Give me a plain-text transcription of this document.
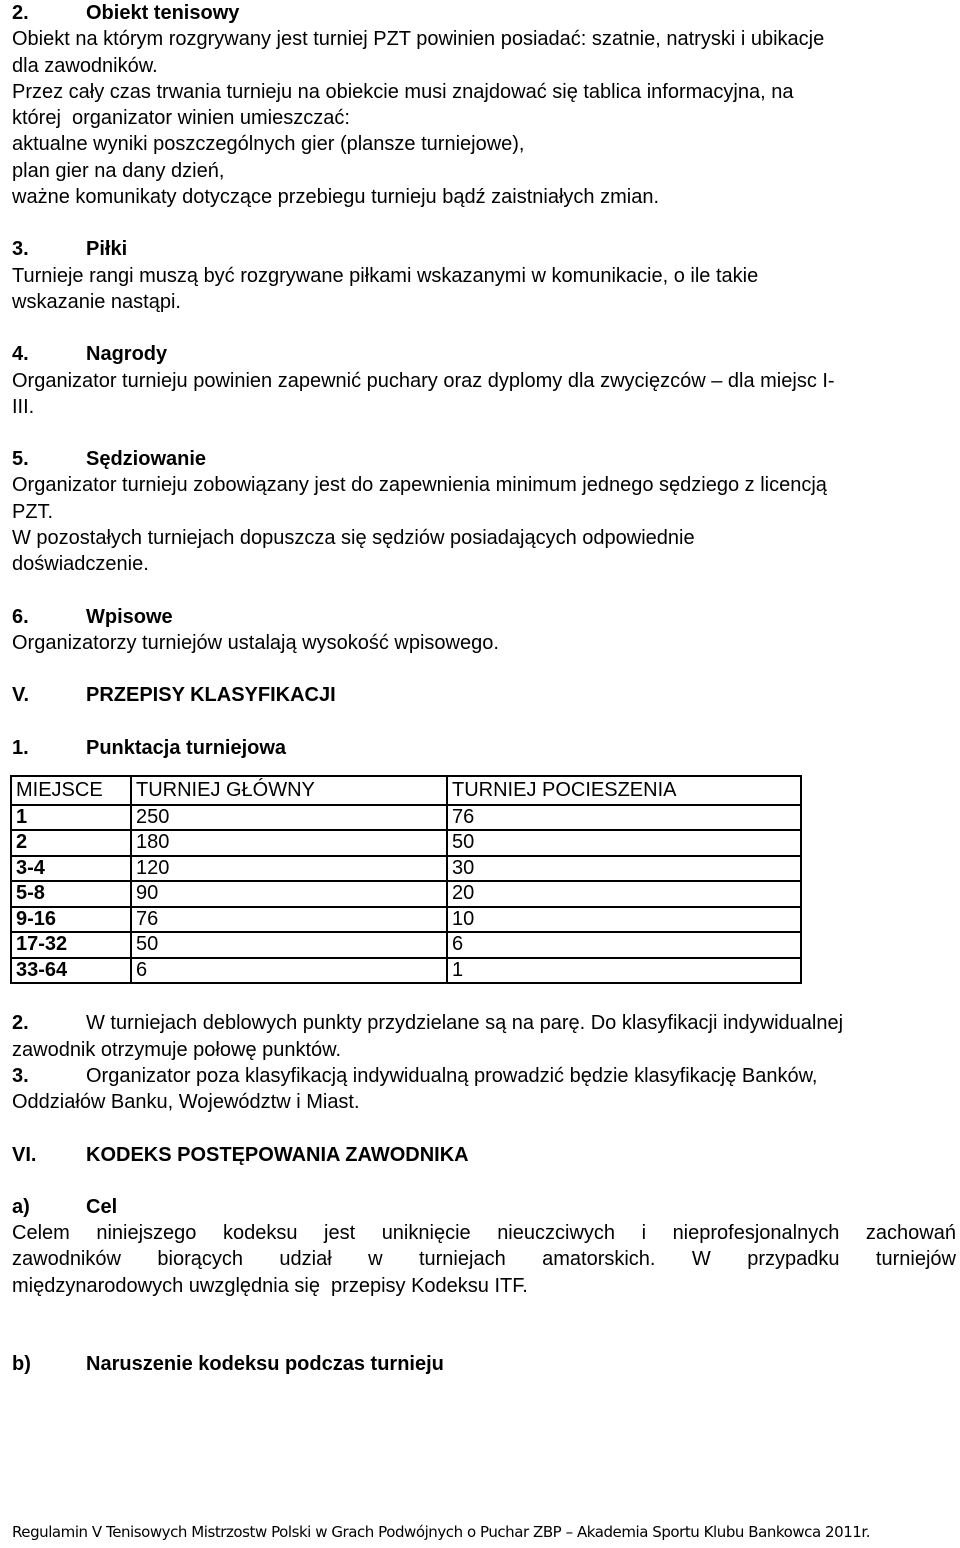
2.	Obiekt tenisowy
Obiekt na którym rozgrywany jest turniej PZT powinien posiadać: szatnie, natryski i ubikacje
dla zawodników.
Przez cały czas trwania turnieju na obiekcie musi znajdować się tablica informacyjna, na
której  organizator winien umieszczać:
aktualne wyniki poszczególnych gier (plansze turniejowe),
plan gier na dany dzień,
ważne komunikaty dotyczące przebiegu turnieju bądź zaistniałych zmian.
3.	Piłki
Turnieje rangi muszą być rozgrywane piłkami wskazanymi w komunikacie, o ile takie
wskazanie nastąpi.
4.	Nagrody
Organizator turnieju powinien zapewnić puchary oraz dyplomy dla zwycięzców – dla miejsc I-
III.
5.	Sędziowanie
Organizator turnieju zobowiązany jest do zapewnienia minimum jednego sędziego z licencją
PZT.
W pozostałych turniejach dopuszcza się sędziów posiadających odpowiednie
doświadczenie.
6.	Wpisowe
Organizatorzy turniejów ustalają wysokość wpisowego.
V.	PRZEPISY KLASYFIKACJI
1.	Punktacja turniejowa
MIEJSCE	TURNIEJ GŁÓWNY	TURNIEJ POCIESZENIA
1	250	76
2	180	50
3-4	120	30
5-8	90	20
9-16	76	10
17-32	50	6
33-64	6	1
2.	W turniejach deblowych punkty przydzielane są na parę. Do klasyfikacji indywidualnej
zawodnik otrzymuje połowę punktów.
3.	Organizator poza klasyfikacją indywidualną prowadzić będzie klasyfikację Banków,
Oddziałów Banku, Województw i Miast.
VI. KODEKS POSTĘPOWANIA ZAWODNIKA
a)	Cel
Celem niniejszego kodeksu jest uniknięcie nieuczciwych i nieprofesjonalnych zachowań
zawodników biorących udział w turniejach amatorskich. W przypadku turniejów
międzynarodowych uwzględnia się  przepisy Kodeksu ITF.
b)	Naruszenie kodeksu podczas turnieju
Regulamin V Tenisowych Mistrzostw Polski w Grach Podwójnych o Puchar ZBP – Akademia Sportu Klubu Bankowca 2011r.
